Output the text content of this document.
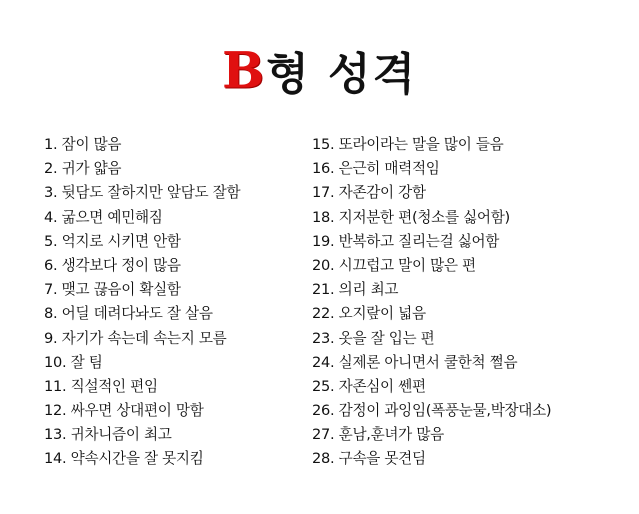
B형 성격
1. 잠이 많음
2. 귀가 얇음
3. 뒷담도 잘하지만 앞담도 잘함
4. 굶으면 예민해짐
5. 억지로 시키면 안함
6. 생각보다 정이 많음
7. 맺고 끊음이 확실함
8. 어딜 데려다놔도 잘 살음
9. 자기가 속는데 속는지 모름
10. 잘 팀
11. 직설적인 편임
12. 싸우면 상대편이 망함
13. 귀차니즘이 최고
14. 약속시간을 잘 못지킴
15. 또라이라는 말을 많이 들음
16. 은근히 매력적임
17. 자존감이 강함
18. 지저분한 편(청소를 싫어함)
19. 반복하고 질리는걸 싫어함
20. 시끄럽고 말이 많은 편
21. 의리 최고
22. 오지랖이 넓음
23. 옷을 잘 입는 편
24. 실제론 아니면서 쿨한척 쩔음
25. 자존심이 쎈편
26. 감정이 과잉임(폭풍눈물,박장대소)
27. 훈남,훈녀가 많음
28. 구속을 못견딤
